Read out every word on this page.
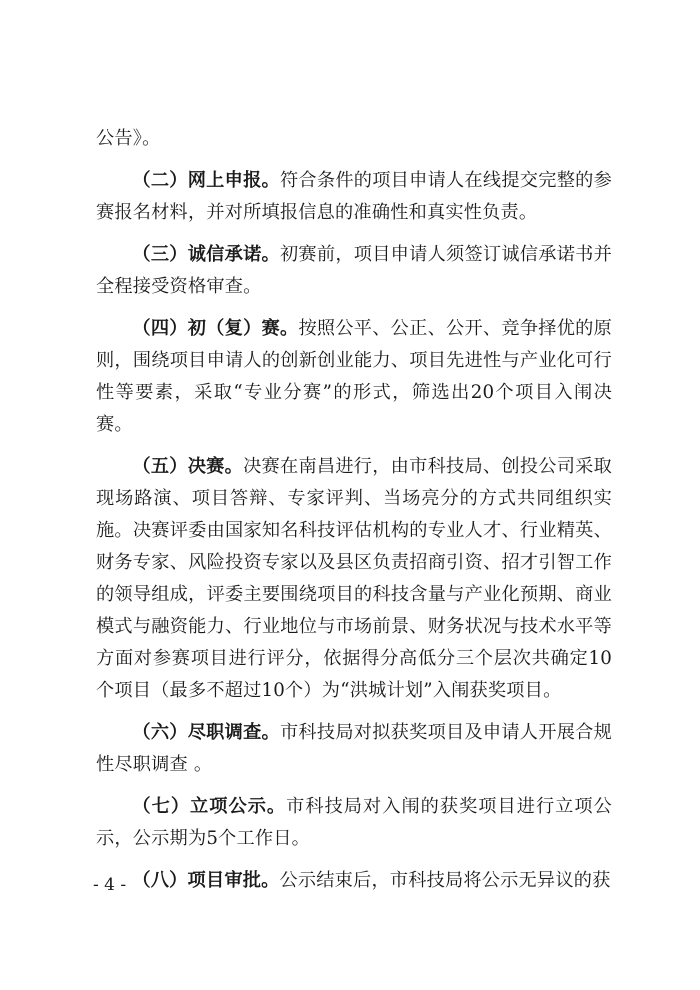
公告》。

（二）网上申报。符合条件的项目申请人在线提交完整的参赛报名材料，并对所填报信息的准确性和真实性负责。

（三）诚信承诺。初赛前，项目申请人须签订诚信承诺书并全程接受资格审查。

（四）初（复）赛。按照公平、公正、公开、竞争择优的原则，围绕项目申请人的创新创业能力、项目先进性与产业化可行性等要素，采取“专业分赛”的形式，筛选出20个项目入闱决赛。

（五）决赛。决赛在南昌进行，由市科技局、创投公司采取现场路演、项目答辩、专家评判、当场亮分的方式共同组织实施。决赛评委由国家知名科技评估机构的专业人才、行业精英、财务专家、风险投资专家以及县区负责招商引资、招才引智工作的领导组成，评委主要围绕项目的科技含量与产业化预期、商业模式与融资能力、行业地位与市场前景、财务状况与技术水平等方面对参赛项目进行评分，依据得分高低分三个层次共确定10个项目（最多不超过10个）为“洪城计划”入闱获奖项目。

（六）尽职调查。市科技局对拟获奖项目及申请人开展合规性尽职调查 。

（七）立项公示。市科技局对入闱的获奖项目进行立项公示，公示期为5个工作日。

（八）项目审批。公示结束后，市科技局将公示无异议的获

- 4 -
